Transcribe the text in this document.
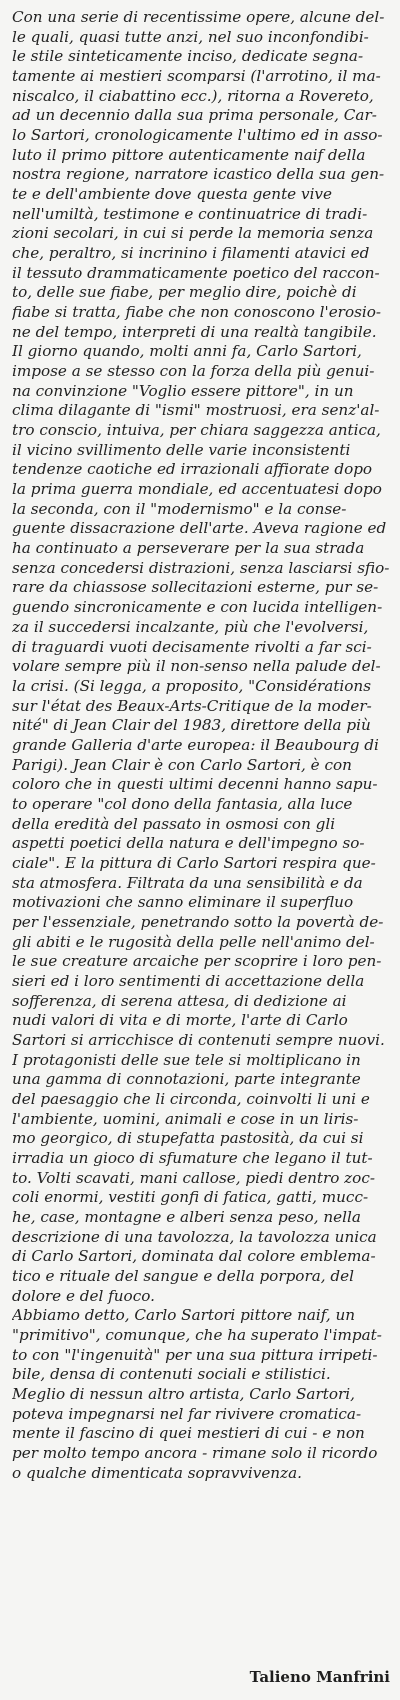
Con una serie di recentissime opere, alcune del-
le quali, quasi tutte anzi, nel suo inconfondibi-
le stile sinteticamente inciso, dedicate segna-
tamente ai mestieri scomparsi (l'arrotino, il ma-
niscalco, il ciabattino ecc.), ritorna a Rovereto,
ad un decennio dalla sua prima personale, Car-
lo Sartori, cronologicamente l'ultimo ed in asso-
luto il primo pittore autenticamente naif della
nostra regione, narratore icastico della sua gen-
te e dell'ambiente dove questa gente vive
nell'umiltà, testimone e continuatrice di tradi-
zioni secolari, in cui si perde la memoria senza
che, peraltro, si incrinino i filamenti atavici ed
il tessuto drammaticamente poetico del raccon-
to, delle sue fiabe, per meglio dire, poichè di
fiabe si tratta, fiabe che non conoscono l'erosio-
ne del tempo, interpreti di una realtà tangibile.
Il giorno quando, molti anni fa, Carlo Sartori,
impose a se stesso con la forza della più genui-
na convinzione "Voglio essere pittore", in un
clima dilagante di "ismi" mostruosi, era senz'al-
tro conscio, intuiva, per chiara saggezza antica,
il vicino svillimento delle varie inconsistenti
tendenze caotiche ed irrazionali affiorate dopo
la prima guerra mondiale, ed accentuatesi dopo
la seconda, con il "modernismo" e la conse-
guente dissacrazione dell'arte. Aveva ragione ed
ha continuato a perseverare per la sua strada
senza concedersi distrazioni, senza lasciarsi sfio-
rare da chiassose sollecitazioni esterne, pur se-
guendo sincronicamente e con lucida intelligen-
za il succedersi incalzante, più che l'evolversi,
di traguardi vuoti decisamente rivolti a far sci-
volare sempre più il non-senso nella palude del-
la crisi. (Si legga, a proposito, "Considérations
sur l'état des Beaux-Arts-Critique de la moder-
nité" di Jean Clair del 1983, direttore della più
grande Galleria d'arte europea: il Beaubourg di
Parigi). Jean Clair è con Carlo Sartori, è con
coloro che in questi ultimi decenni hanno sapu-
to operare "col dono della fantasia, alla luce
della eredità del passato in osmosi con gli
aspetti poetici della natura e dell'impegno so-
ciale". E la pittura di Carlo Sartori respira que-
sta atmosfera. Filtrata da una sensibilità e da
motivazioni che sanno eliminare il superfluo
per l'essenziale, penetrando sotto la povertà de-
gli abiti e le rugosità della pelle nell'animo del-
le sue creature arcaiche per scoprire i loro pen-
sieri ed i loro sentimenti di accettazione della
sofferenza, di serena attesa, di dedizione ai
nudi valori di vita e di morte, l'arte di Carlo
Sartori si arricchisce di contenuti sempre nuovi.
I protagonisti delle sue tele si moltiplicano in
una gamma di connotazioni, parte integrante
del paesaggio che li circonda, coinvolti li uni e
l'ambiente, uomini, animali e cose in un liris-
mo georgico, di stupefatta pastosità, da cui si
irradia un gioco di sfumature che legano il tut-
to. Volti scavati, mani callose, piedi dentro zoc-
coli enormi, vestiti gonfi di fatica, gatti, mucc-
he, case, montagne e alberi senza peso, nella
descrizione di una tavolozza, la tavolozza unica
di Carlo Sartori, dominata dal colore emblema-
tico e rituale del sangue e della porpora, del
dolore e del fuoco.
Abbiamo detto, Carlo Sartori pittore naif, un
"primitivo", comunque, che ha superato l'impat-
to con "l'ingenuità" per una sua pittura irripeti-
bile, densa di contenuti sociali e stilistici.
Meglio di nessun altro artista, Carlo Sartori,
poteva impegnarsi nel far rivivere cromatica-
mente il fascino di quei mestieri di cui - e non
per molto tempo ancora - rimane solo il ricordo
o qualche dimenticata sopravvivenza.
Talieno Manfrini
